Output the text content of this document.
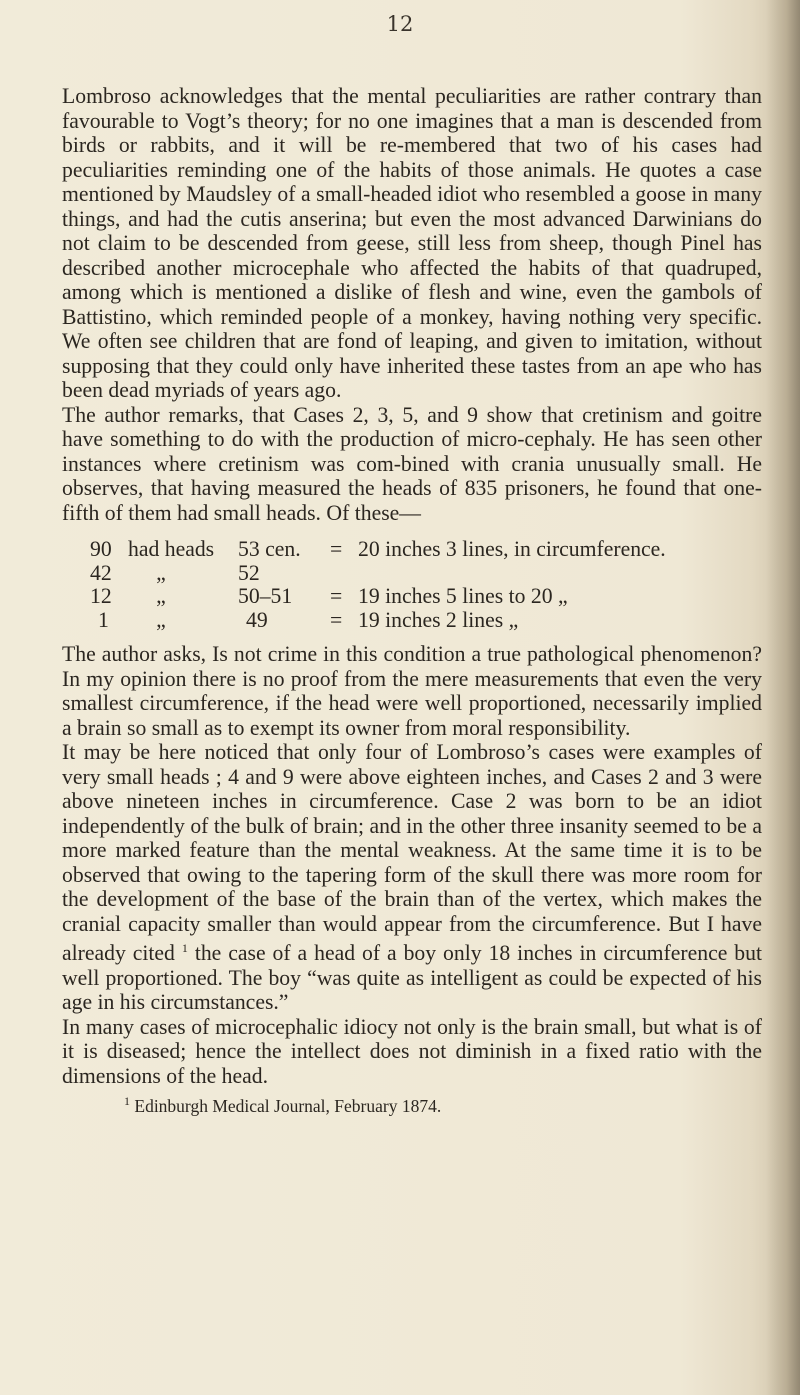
12

Lombroso acknowledges that the mental peculiarities are rather contrary than favourable to Vogt’s theory; for no one imagines that a man is descended from birds or rabbits, and it will be re-membered that two of his cases had peculiarities reminding one of the habits of those animals. He quotes a case mentioned by Maudsley of a small-headed idiot who resembled a goose in many things, and had the cutis anserina; but even the most advanced Darwinians do not claim to be descended from geese, still less from sheep, though Pinel has described another microcephale who affected the habits of that quadruped, among which is mentioned a dislike of flesh and wine, even the gambols of Battistino, which reminded people of a monkey, having nothing very specific. We often see children that are fond of leaping, and given to imitation, without supposing that they could only have inherited these tastes from an ape who has been dead myriads of years ago.

The author remarks, that Cases 2, 3, 5, and 9 show that cretinism and goitre have something to do with the production of micro-cephaly. He has seen other instances where cretinism was com-bined with crania unusually small. He observes, that having measured the heads of 835 prisoners, he found that one-fifth of them had small heads. Of these—

90 had heads	53 cen.	= 20 inches 3 lines, in circumference.
42	„	52
12	„	50–51	= 19 inches 5 lines to 20 „
1	„	49	= 19 inches 2 lines „

The author asks, Is not crime in this condition a true pathological phenomenon? In my opinion there is no proof from the mere measurements that even the very smallest circumference, if the head were well proportioned, necessarily implied a brain so small as to exempt its owner from moral responsibility.

It may be here noticed that only four of Lombroso’s cases were examples of very small heads ; 4 and 9 were above eighteen inches, and Cases 2 and 3 were above nineteen inches in circumference. Case 2 was born to be an idiot independently of the bulk of brain; and in the other three insanity seemed to be a more marked feature than the mental weakness. At the same time it is to be observed that owing to the tapering form of the skull there was more room for the development of the base of the brain than of the vertex, which makes the cranial capacity smaller than would appear from the circumference. But I have already cited $^1$ the case of a head of a boy only 18 inches in circumference but well proportioned. The boy “was quite as intelligent as could be expected of his age in his circumstances.”

In many cases of microcephalic idiocy not only is the brain small, but what is of it is diseased; hence the intellect does not diminish in a fixed ratio with the dimensions of the head.

$^1$ Edinburgh Medical Journal, February 1874.
